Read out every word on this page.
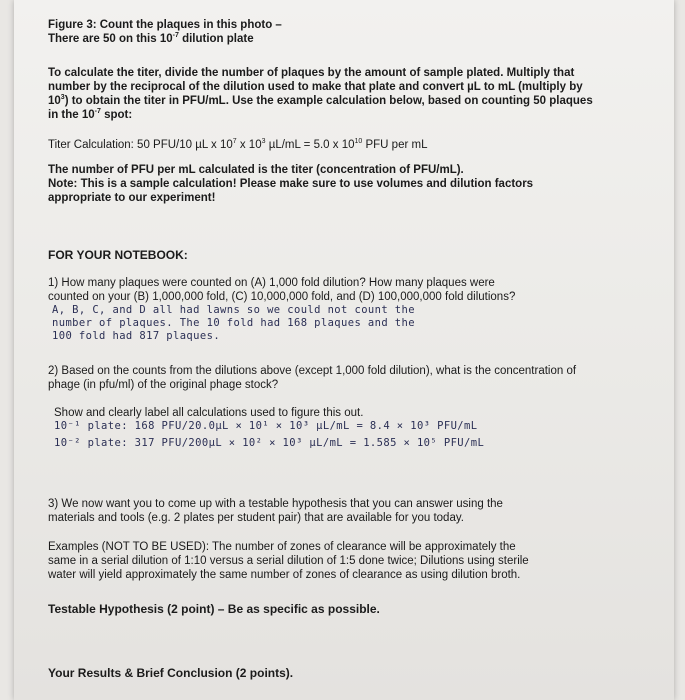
Figure 3: Count the plaques in this photo –
There are 50 on this $10^{-7}$ dilution plate
To calculate the titer, divide the number of plaques by the amount of sample plated. Multiply that
number by the reciprocal of the dilution used to make that plate and convert µL to mL (multiply by
$10^3$) to obtain the titer in PFU/mL. Use the example calculation below, based on counting 50 plaques
in the $10^{-7}$ spot:
Titer Calculation: 50 PFU/10 µL x $10^7$ x $10^3$ µL/mL = 5.0 x $10^{10}$ PFU per mL
The number of PFU per mL calculated is the titer (concentration of PFU/mL).
Note: This is a sample calculation! Please make sure to use volumes and dilution factors
appropriate to our experiment!
FOR YOUR NOTEBOOK:
1) How many plaques were counted on (A) 1,000 fold dilution? How many plaques were
counted on your (B) 1,000,000 fold, (C) 10,000,000 fold, and (D) 100,000,000 fold dilutions?
A, B, C, and D all had lawns so we could not count the
number of plaques. The 10 fold had 168 plaques and the
100 fold had 817 plaques.
2) Based on the counts from the dilutions above (except 1,000 fold dilution), what is the concentration of
phage (in pfu/ml) of the original phage stock?
Show and clearly label all calculations used to figure this out.
10⁻¹ plate: 168 PFU/20.0µL × 10¹ × 10³ µL/mL = 8.4 × 10³ PFU/mL
10⁻² plate: 317 PFU/200µL × 10² × 10³ µL/mL = 1.585 × 10⁵ PFU/mL
3) We now want you to come up with a testable hypothesis that you can answer using the
materials and tools (e.g. 2 plates per student pair) that are available for you today.
Examples (NOT TO BE USED): The number of zones of clearance will be approximately the
same in a serial dilution of 1:10 versus a serial dilution of 1:5 done twice; Dilutions using sterile
water will yield approximately the same number of zones of clearance as using dilution broth.
Testable Hypothesis (2 point) – Be as specific as possible.
Your Results & Brief Conclusion (2 points).
